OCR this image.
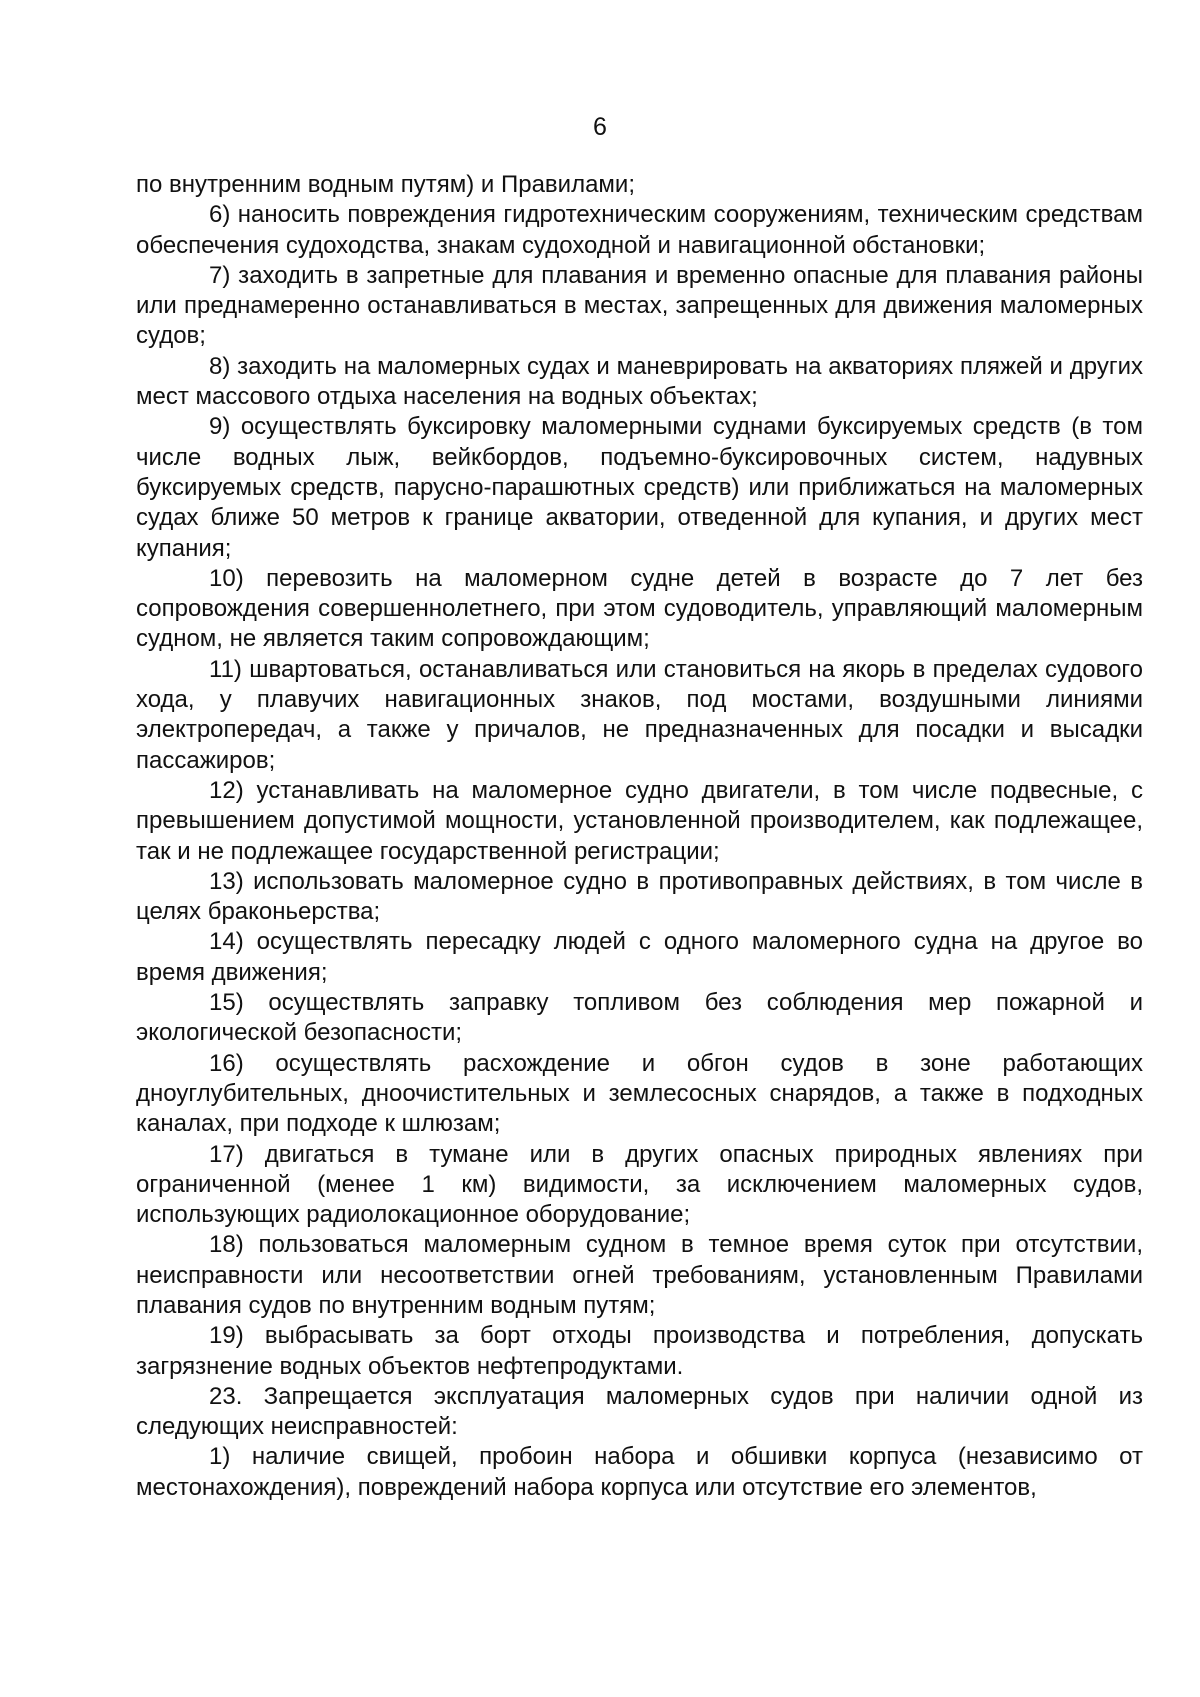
6

по внутренним водным путям) и Правилами;

6) наносить повреждения гидротехническим сооружениям, техническим средствам обеспечения судоходства, знакам судоходной и навигационной обстановки;

7) заходить в запретные для плавания и временно опасные для плавания районы или преднамеренно останавливаться в местах, запрещенных для движения маломерных судов;

8) заходить на маломерных судах и маневрировать на акваториях пляжей и других мест массового отдыха населения на водных объектах;

9) осуществлять буксировку маломерными суднами буксируемых средств (в том числе водных лыж, вейкбордов, подъемно-буксировочных систем, надувных буксируемых средств, парусно-парашютных средств) или приближаться на маломерных судах ближе 50 метров к границе акватории, отведенной для купания, и других мест купания;

10) перевозить на маломерном судне детей в возрасте до 7 лет без сопровождения совершеннолетнего, при этом судоводитель, управляющий маломерным судном, не является таким сопровождающим;

11) швартоваться, останавливаться или становиться на якорь в пределах судового хода, у плавучих навигационных знаков, под мостами, воздушными линиями электропередач, а также у причалов, не предназначенных для посадки и высадки пассажиров;

12) устанавливать на маломерное судно двигатели, в том числе подвесные, с превышением допустимой мощности, установленной производителем, как подлежащее, так и не подлежащее государственной регистрации;

13) использовать маломерное судно в противоправных действиях, в том числе в целях браконьерства;

14) осуществлять пересадку людей с одного маломерного судна на другое во время движения;

15) осуществлять заправку топливом без соблюдения мер пожарной и экологической безопасности;

16) осуществлять расхождение и обгон судов в зоне работающих дноуглубительных, дноочистительных и землесосных снарядов, а также в подходных каналах, при подходе к шлюзам;

17) двигаться в тумане или в других опасных природных явлениях при ограниченной (менее 1 км) видимости, за исключением маломерных судов, использующих радиолокационное оборудование;

18) пользоваться маломерным судном в темное время суток при отсутствии, неисправности или несоответствии огней требованиям, установленным Правилами плавания судов по внутренним водным путям;

19) выбрасывать за борт отходы производства и потребления, допускать загрязнение водных объектов нефтепродуктами.

23. Запрещается эксплуатация маломерных судов при наличии одной из следующих неисправностей:

1) наличие свищей, пробоин набора и обшивки корпуса (независимо от местонахождения), повреждений набора корпуса или отсутствие его элементов,
